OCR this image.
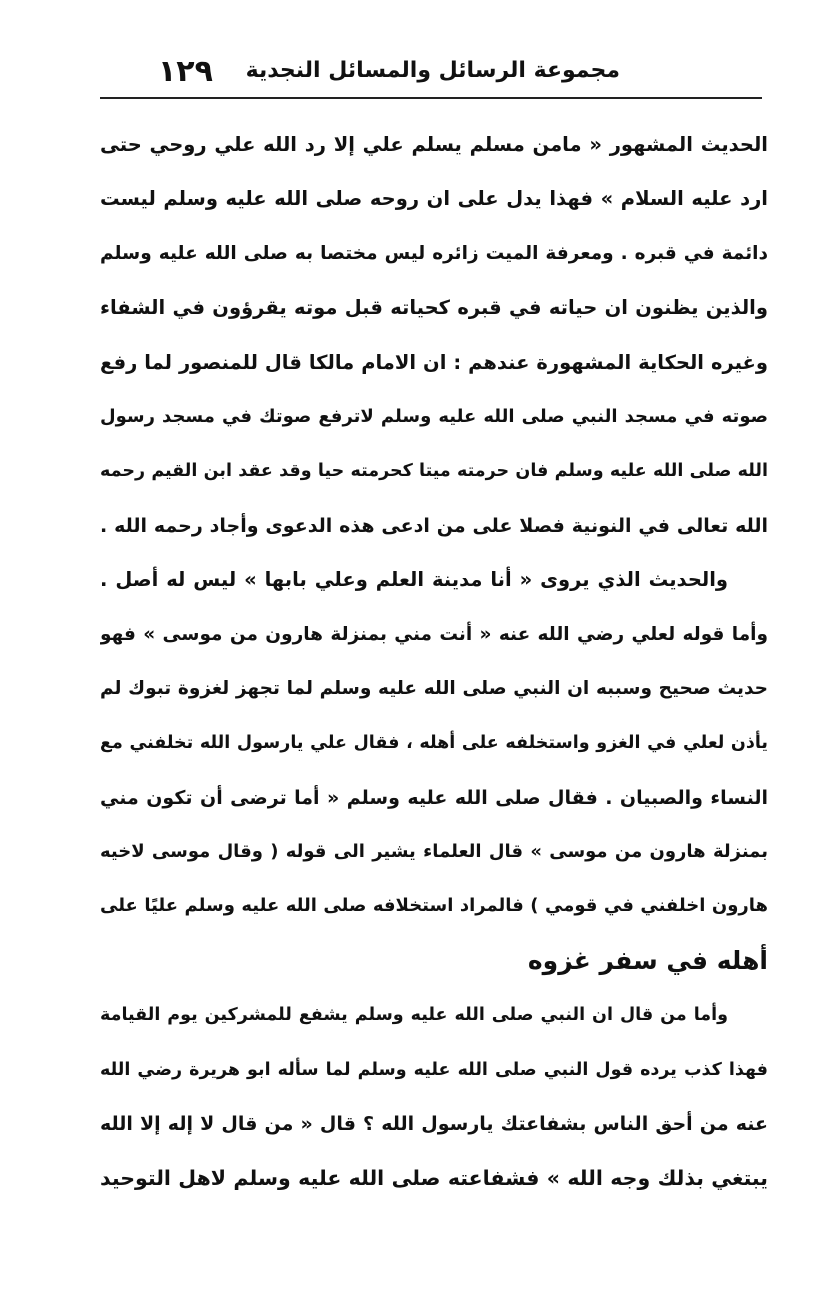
مجموعة الرسائل والمسائل النجدية
١٢٩
الحديث المشهور « مامن مسلم يسلم علي إلا رد الله علي روحي حتى
ارد عليه السلام » فهذا يدل على ان روحه صلى الله عليه وسلم ليست
دائمة في قبره . ومعرفة الميت زائره ليس مختصا به صلى الله عليه وسلم
والذين يظنون ان حياته في قبره كحياته قبل موته يقرؤون في الشفاء
وغيره الحكاية المشهورة عندهم : ان الامام مالكا قال للمنصور لما رفع
صوته في مسجد النبي صلى الله عليه وسلم لاترفع صوتك في مسجد رسول
الله صلى الله عليه وسلم فان حرمته ميتا كحرمته حيا وقد عقد ابن القيم رحمه
الله تعالى في النونية فصلا على من ادعى هذه الدعوى وأجاد رحمه الله .
والحديث الذي يروى « أنا مدينة العلم وعلي بابها » ليس له أصل .
وأما قوله لعلي رضي الله عنه « أنت مني بمنزلة هارون من موسى » فهو
حديث صحيح وسببه ان النبي صلى الله عليه وسلم لما تجهز لغزوة تبوك لم
يأذن لعلي في الغزو واستخلفه على أهله ، فقال علي يارسول الله تخلفني مع
النساء والصبيان . فقال صلى الله عليه وسلم « أما ترضى أن تكون مني
بمنزلة هارون من موسى » قال العلماء يشير الى قوله ( وقال موسى لاخيه
هارون اخلفني في قومي ) فالمراد استخلافه صلى الله عليه وسلم عليًا على
أهله في سفر غزوه
وأما من قال ان النبي صلى الله عليه وسلم يشفع للمشركين يوم القيامة
فهذا كذب يرده قول النبي صلى الله عليه وسلم لما سأله ابو هريرة رضي الله
عنه من أحق الناس بشفاعتك يارسول الله ؟ قال « من قال لا إله إلا الله
يبتغي بذلك وجه الله » فشفاعته صلى الله عليه وسلم لاهل التوحيد
